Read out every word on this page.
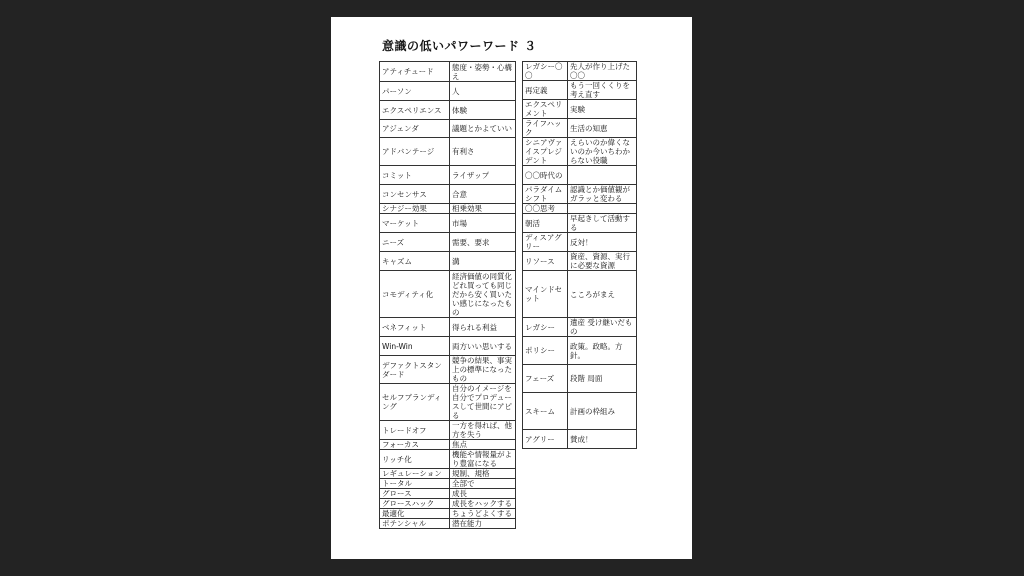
意識の低いパワーワード ３
アティチュード	態度・姿勢・心構え
パーソン	人
エクスペリエンス	体験
アジェンダ	議題とかよていい
アドバンテージ	有利さ
コミット	ライザップ
コンセンサス	合意
シナジー効果	相乗効果
マーケット	市場
ニーズ	需要、要求
キャズム	溝
コモディティ化	経済価値の同質化 どれ買っても同じだから安く買いたい感じになったもの
ベネフィット	得られる利益
Win-Win	両方いい思いする
デファクトスタンダード	競争の結果、事実上の標準になったもの
セルフブランディング	自分のイメージを自分でプロデュースして世間にアピる
トレードオフ	一方を得れば、他方を失う
フォーカス	焦点
リッチ化	機能や情報量がより豊富になる
レギュレーション	規制、規格
トータル	全部で
グロース	成長
グロースハック	成長をハックする
最適化	ちょうどよくする
ポテンシャル	潜在能力
レガシー〇〇	先人が作り上げた〇〇
再定義	もう一回くくりを考え直す
エクスペリメント	実験
ライフハック	生活の知恵
シニアヴァイスプレジデント	えらいのか偉くないのか今いちわからない役職
〇〇時代の	
パラダイムシフト	認識とか価値観がガラッと変わる
〇〇思考	
朝活	早起きして活動する
ディスアグリー	反対！
リソース	資産、資源、実行に必要な資源
マインドセット	こころがまえ
レガシー	遺産 受け継いだもの
ポリシー	政策。政略。方針。
フェーズ	段階 局面
スキーム	計画の枠組み
アグリー	賛成！
